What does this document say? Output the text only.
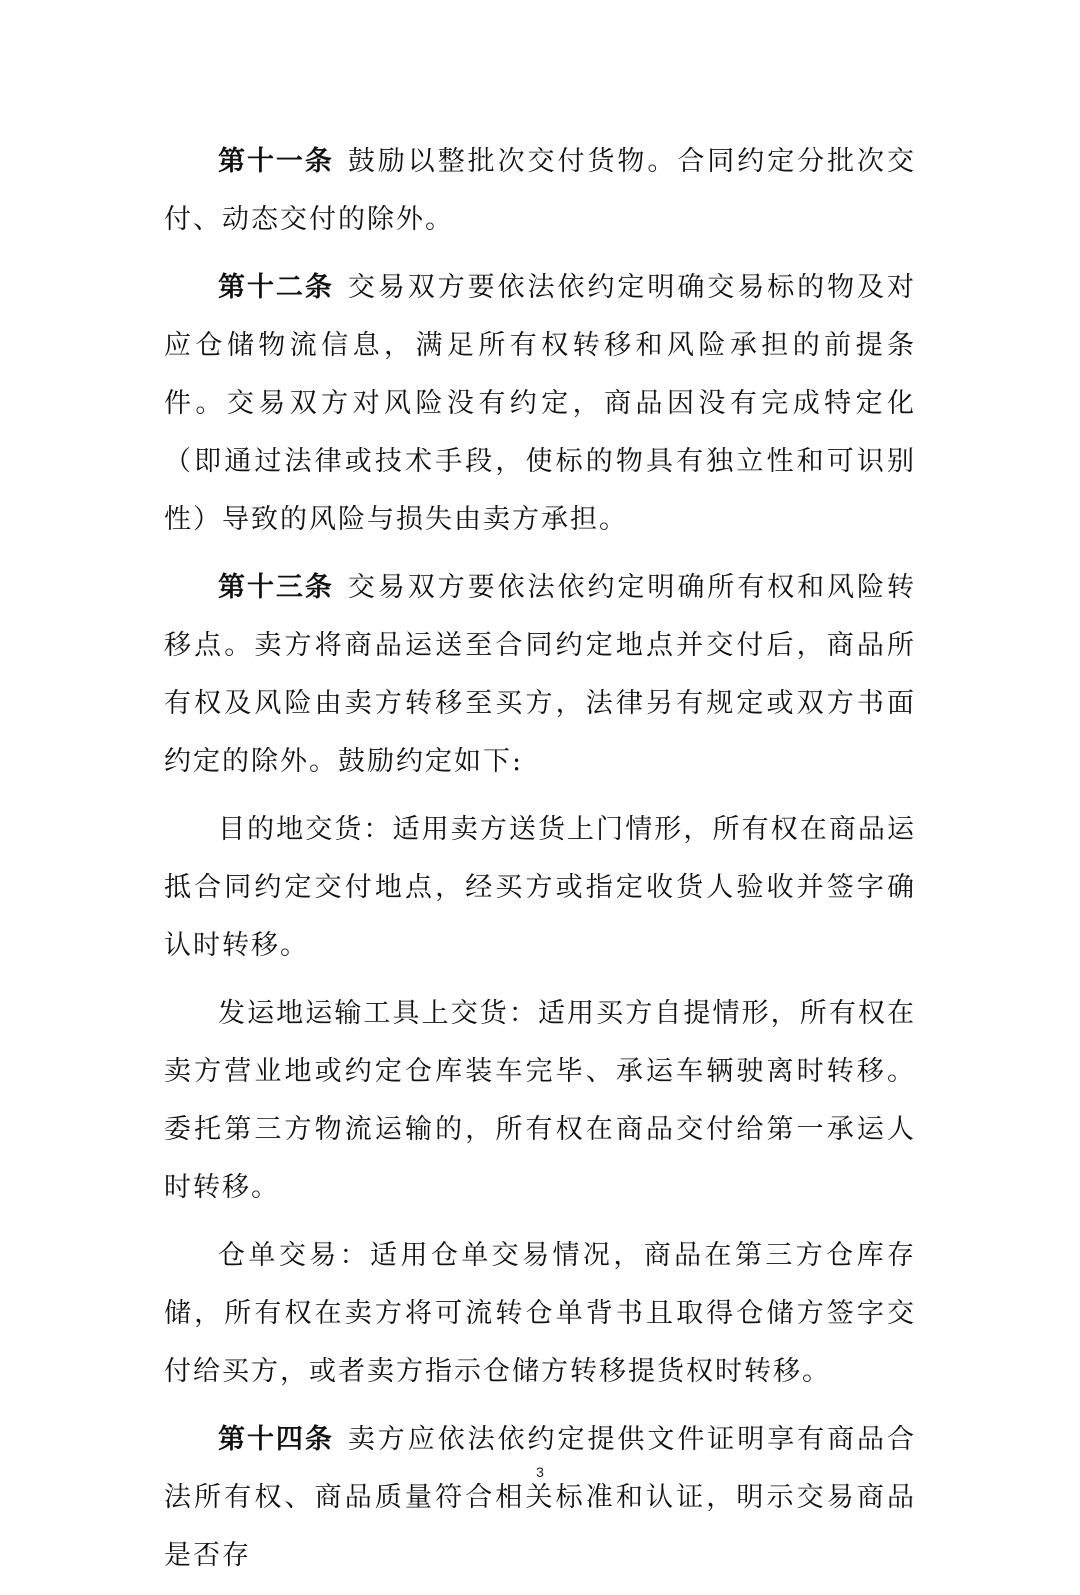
第十一条 鼓励以整批次交付货物。合同约定分批次交付、动态交付的除外。

第十二条 交易双方要依法依约定明确交易标的物及对应仓储物流信息，满足所有权转移和风险承担的前提条件。交易双方对风险没有约定，商品因没有完成特定化（即通过法律或技术手段，使标的物具有独立性和可识别性）导致的风险与损失由卖方承担。

第十三条 交易双方要依法依约定明确所有权和风险转移点。卖方将商品运送至合同约定地点并交付后，商品所有权及风险由卖方转移至买方，法律另有规定或双方书面约定的除外。鼓励约定如下:

目的地交货：适用卖方送货上门情形，所有权在商品运抵合同约定交付地点，经买方或指定收货人验收并签字确认时转移。

发运地运输工具上交货：适用买方自提情形，所有权在卖方营业地或约定仓库装车完毕、承运车辆驶离时转移。委托第三方物流运输的，所有权在商品交付给第一承运人时转移。

仓单交易：适用仓单交易情况，商品在第三方仓库存储，所有权在卖方将可流转仓单背书且取得仓储方签字交付给买方，或者卖方指示仓储方转移提货权时转移。

第十四条 卖方应依法依约定提供文件证明享有商品合法所有权、商品质量符合相关标准和认证，明示交易商品是否存

3
